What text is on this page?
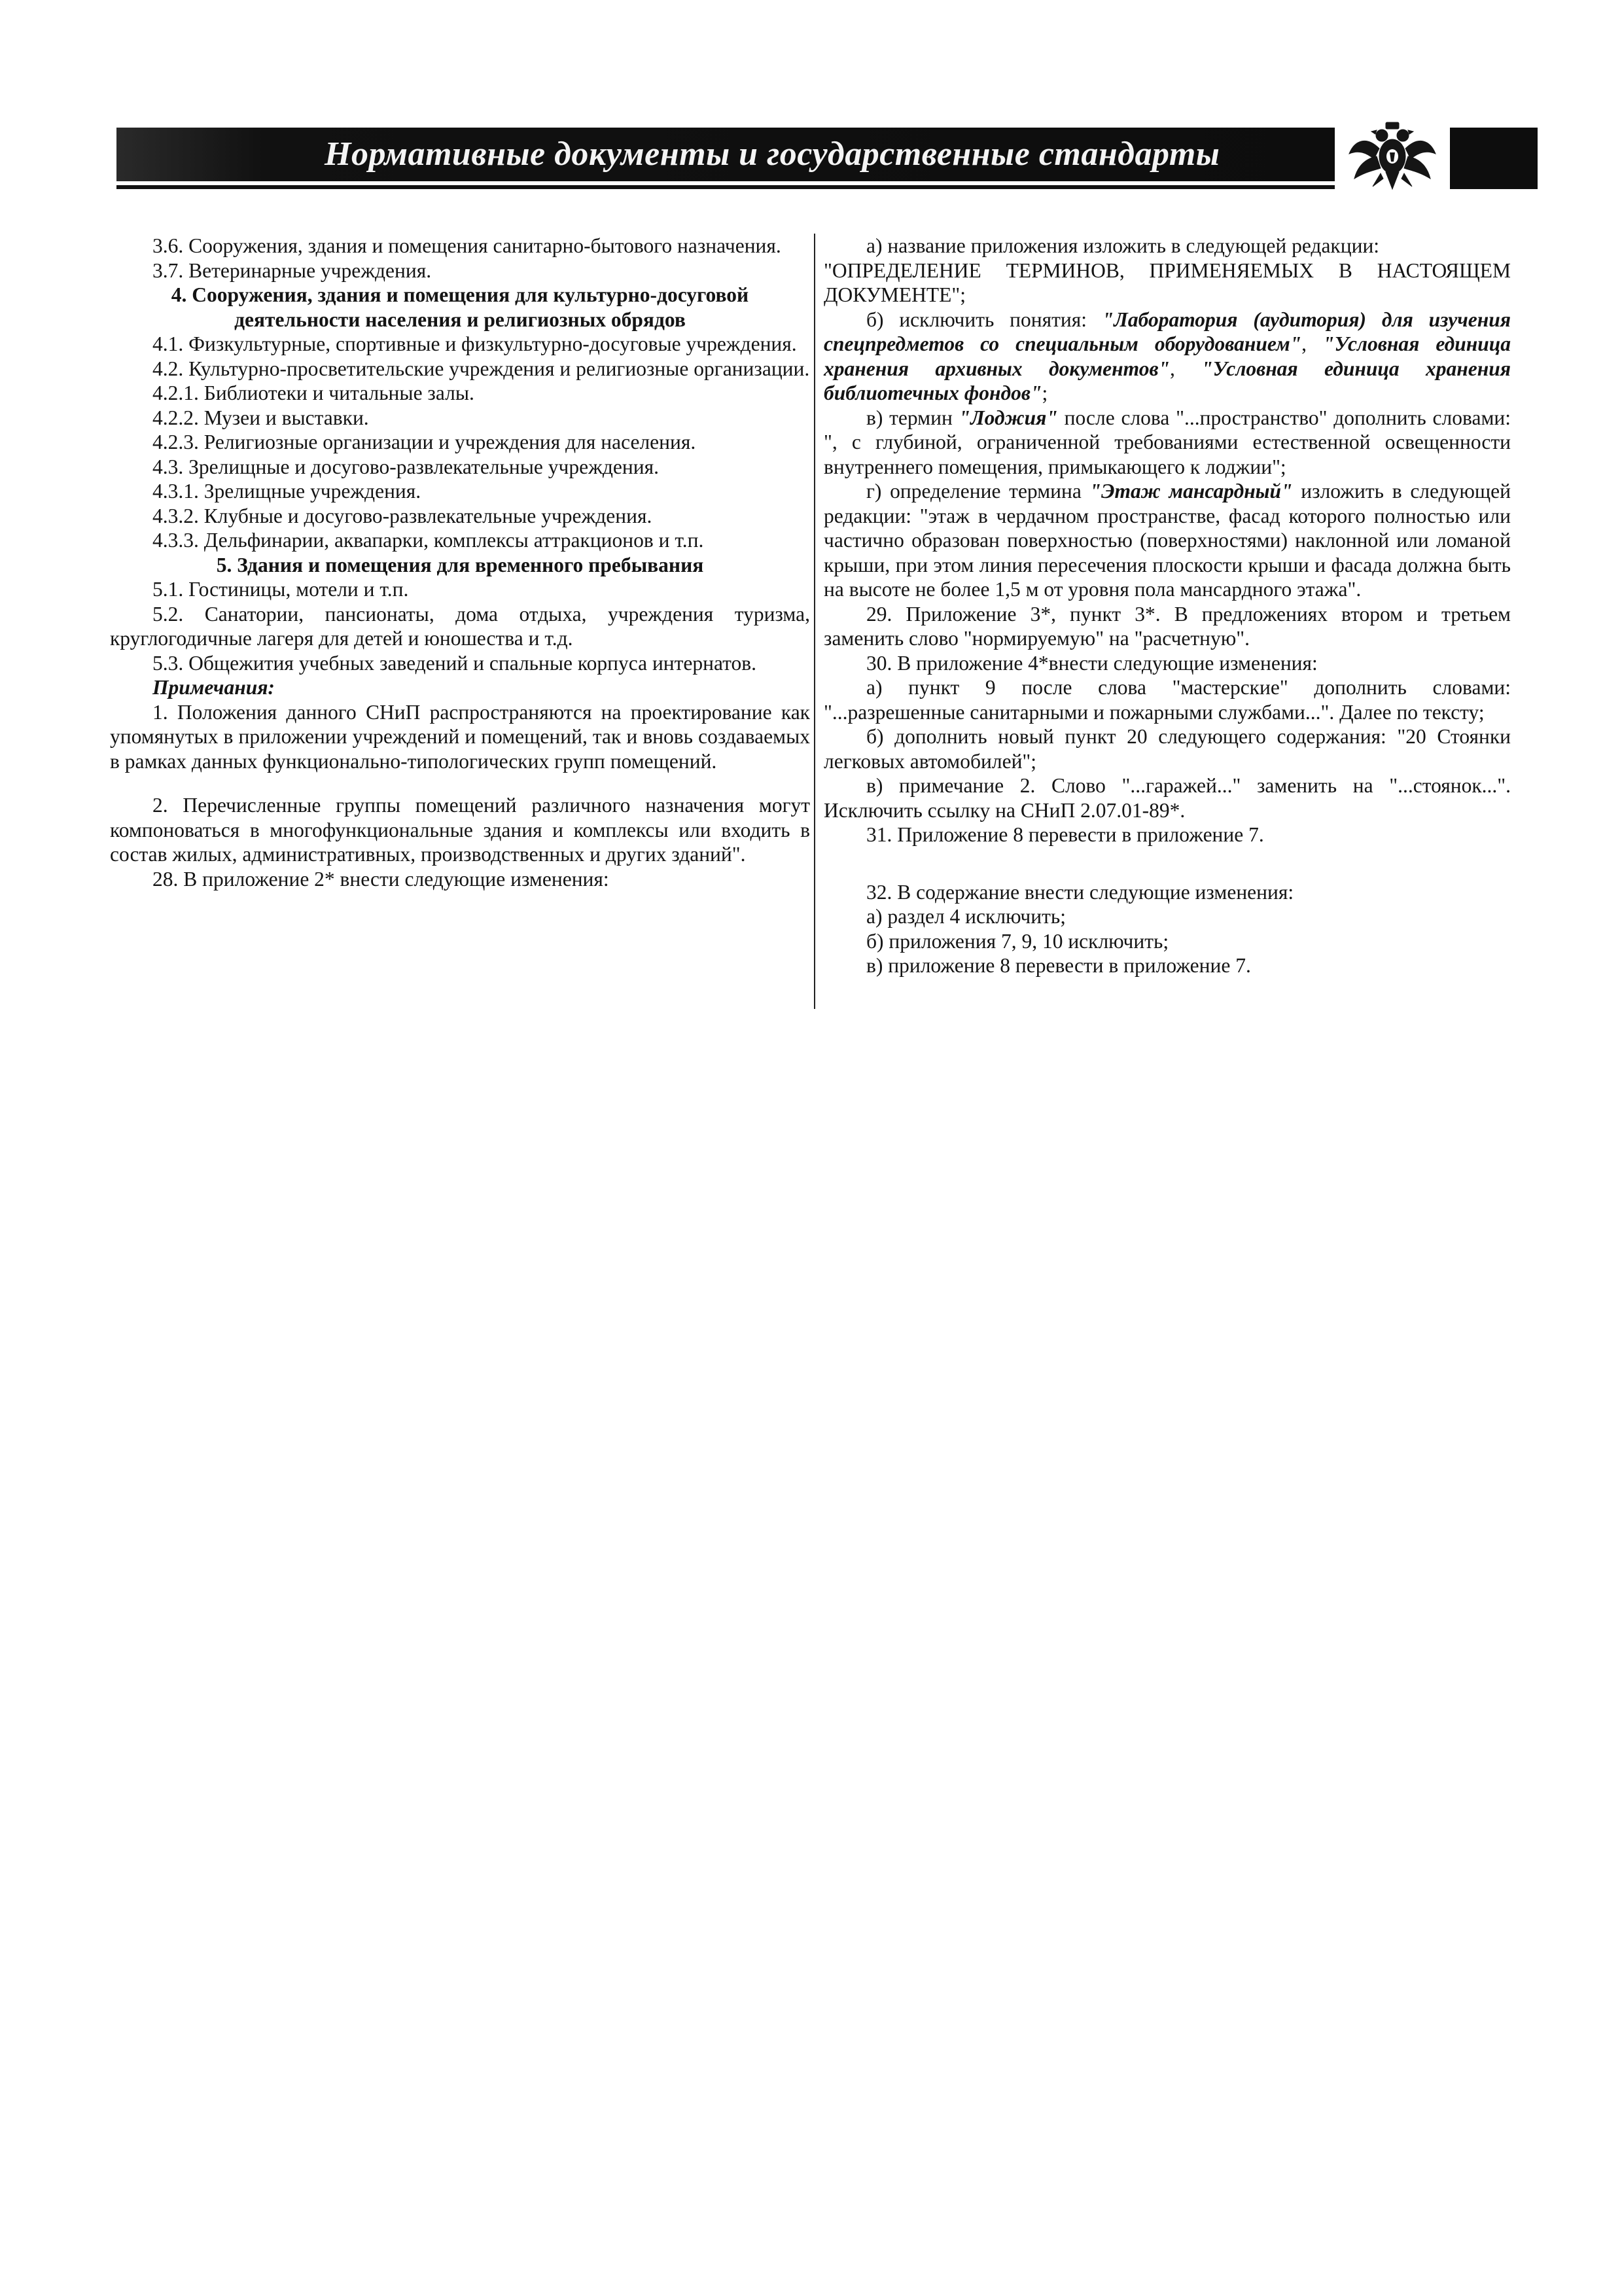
Нормативные документы и государственные стандарты

3.6. Сооружения, здания и помещения санитарно-бытового назначения.

3.7. Ветеринарные учреждения.

4. Сооружения, здания и помещения для культурно-досуговой деятельности населения и религиозных обрядов

4.1. Физкультурные, спортивные и физкультурно-досуговые учреждения.

4.2. Культурно-просветительские учреждения и религиозные организации.

4.2.1. Библиотеки и читальные залы.

4.2.2. Музеи и выставки.

4.2.3. Религиозные организации и учреждения для населения.

4.3. Зрелищные и досугово-развлекательные учреждения.

4.3.1. Зрелищные учреждения.

4.3.2. Клубные и досугово-развлекательные учреждения.

4.3.3. Дельфинарии, аквапарки, комплексы аттракционов и т.п.

5. Здания и помещения для временного пребывания

5.1. Гостиницы, мотели и т.п.

5.2. Санатории, пансионаты, дома отдыха, учреждения туризма, круглогодичные лагеря для детей и юношества и т.д.

5.3. Общежития учебных заведений и спальные корпуса интернатов.

Примечания:

1. Положения данного СНиП распространяются на проектирование как упомянутых в приложении учреждений и помещений, так и вновь создаваемых в рамках данных функционально-типологических групп помещений.

2. Перечисленные группы помещений различного назначения могут компоноваться в многофункциональные здания и комплексы или входить в состав жилых, административных, производственных и других зданий".

28. В приложение 2* внести следующие изменения:

а) название приложения изложить в следующей редакции:

"ОПРЕДЕЛЕНИЕ ТЕРМИНОВ, ПРИМЕНЯЕМЫХ В НАСТОЯЩЕМ ДОКУМЕНТЕ";

б) исключить понятия: "Лаборатория (аудитория) для изучения спецпредметов со специальным оборудованием", "Условная единица хранения архивных документов", "Условная единица хранения библиотечных фондов";

в) термин "Лоджия" после слова "...пространство" дополнить словами: ", с глубиной, ограниченной требованиями естественной освещенности внутреннего помещения, примыкающего к лоджии";

г) определение термина "Этаж мансардный" изложить в следующей редакции: "этаж в чердачном пространстве, фасад которого полностью или частично образован поверхностью (поверхностями) наклонной или ломаной крыши, при этом линия пересечения плоскости крыши и фасада должна быть на высоте не более 1,5 м от уровня пола мансардного этажа".

29. Приложение 3*, пункт 3*. В предложениях втором и третьем заменить слово "нормируемую" на "расчетную".

30. В приложение 4*внести следующие изменения:

а) пункт 9 после слова "мастерские" дополнить словами: "...разрешенные санитарными и пожарными службами...". Далее по тексту;

б) дополнить новый пункт 20 следующего содержания: "20 Стоянки легковых автомобилей";

в) примечание 2. Слово "...гаражей..." заменить на "...стоянок...". Исключить ссылку на СНиП 2.07.01-89*.

31. Приложение 8 перевести в приложение 7.

32. В содержание внести следующие изменения:

а) раздел 4 исключить;

б) приложения 7, 9, 10 исключить;

в) приложение 8 перевести в приложение 7.
